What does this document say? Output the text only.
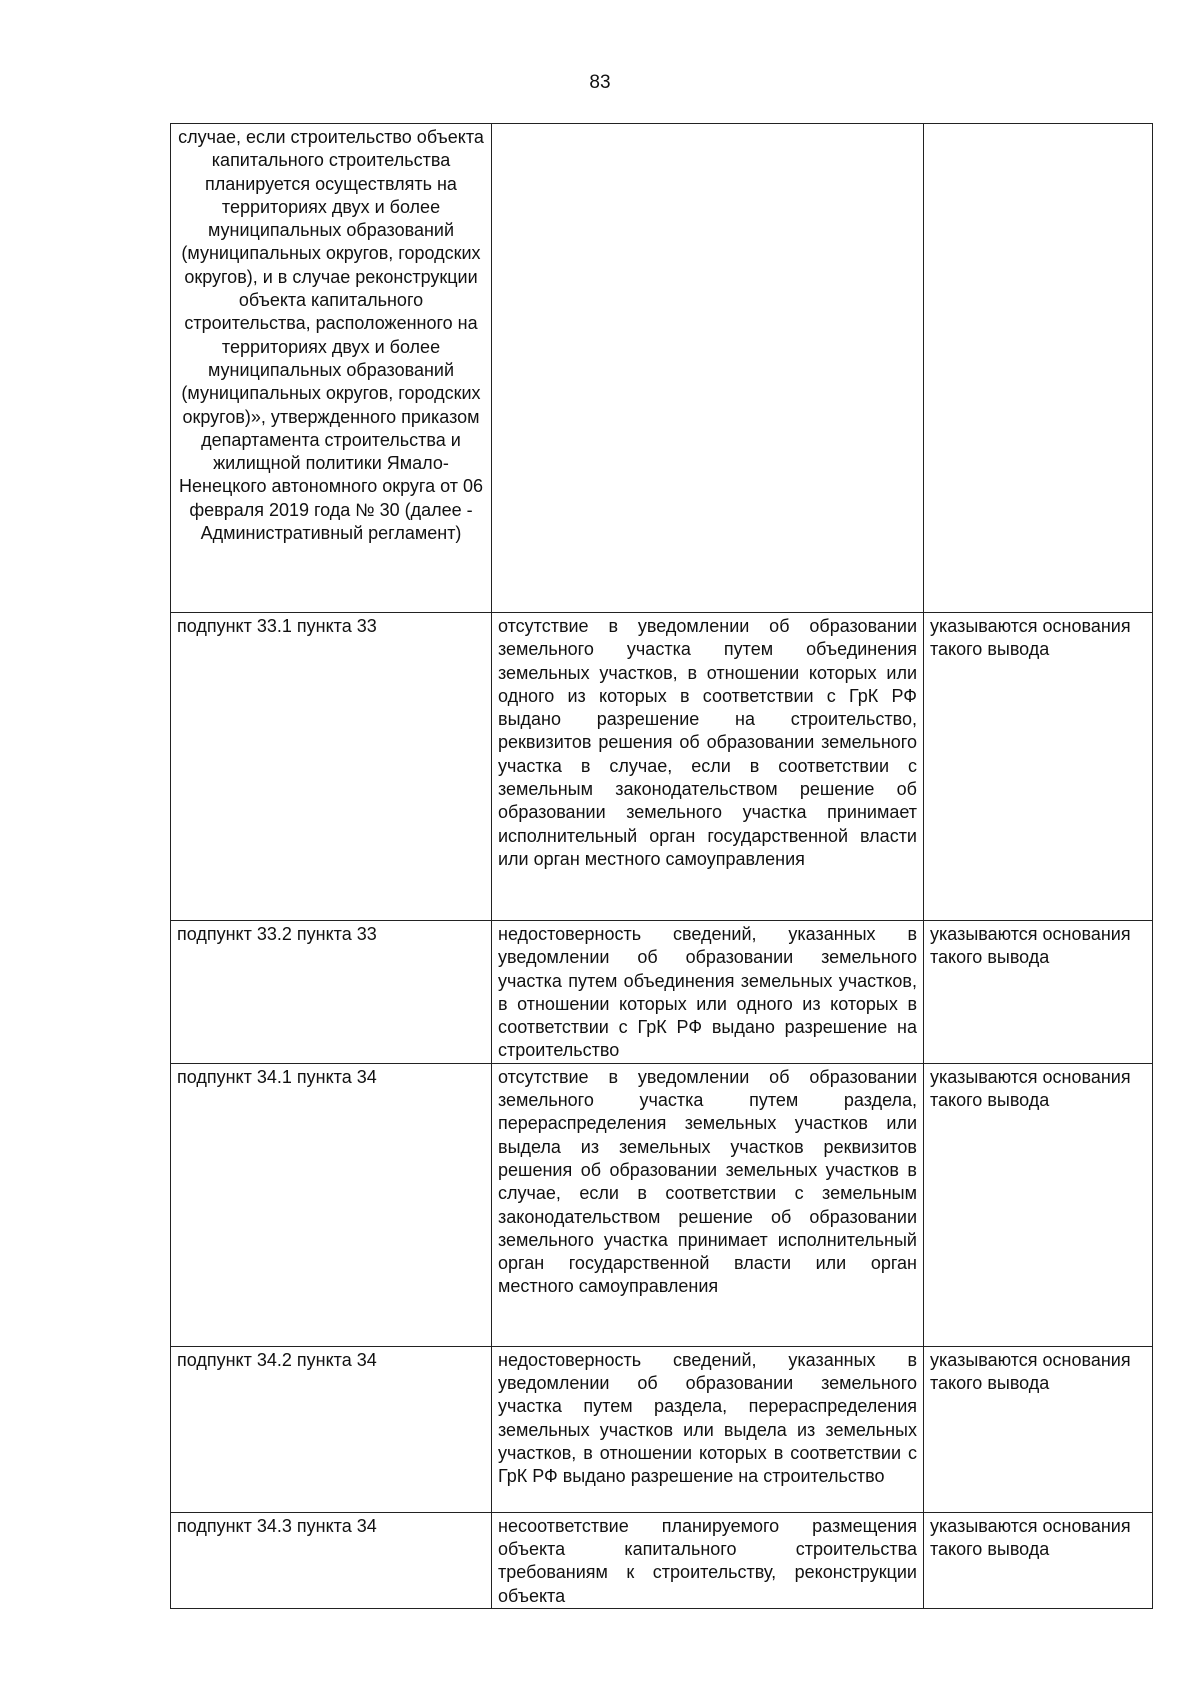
83
случае, если строительство объекта капитального строительства планируется осуществлять на территориях двух и более муниципальных образований (муниципальных округов, городских округов), и в случае реконструкции объекта капитального строительства, расположенного на территориях двух и более муниципальных образований (муниципальных округов, городских округов)», утвержденного приказом департамента строительства и жилищной политики Ямало-Ненецкого автономного округа от 06 февраля 2019 года № 30 (далее - Административный регламент)		
подпункт 33.1 пункта 33	отсутствие в уведомлении об образовании земельного участка путем объединения земельных участков, в отношении которых или одного из которых в соответствии с ГрК РФ выдано разрешение на строительство, реквизитов решения об образовании земельного участка в случае, если в соответствии с земельным законодательством решение об образовании земельного участка принимает исполнительный орган государственной власти или орган местного самоуправления	указываются основания такого вывода
подпункт 33.2 пункта 33	недостоверность сведений, указанных в уведомлении об образовании земельного участка путем объединения земельных участков, в отношении которых или одного из которых в соответствии с ГрК РФ выдано разрешение на строительство	указываются основания такого вывода
подпункт 34.1 пункта 34	отсутствие в уведомлении об образовании земельного участка путем раздела, перераспределения земельных участков или выдела из земельных участков реквизитов решения об образовании земельных участков в случае, если в соответствии с земельным законодательством решение об образовании земельного участка принимает исполнительный орган государственной власти или орган местного самоуправления	указываются основания такого вывода
подпункт 34.2 пункта 34	недостоверность сведений, указанных в уведомлении об образовании земельного участка путем раздела, перераспределения земельных участков или выдела из земельных участков, в отношении которых в соответствии с ГрК РФ выдано разрешение на строительство	указываются основания такого вывода
подпункт 34.3 пункта 34	несоответствие планируемого размещения объекта капитального строительства требованиям к строительству, реконструкции объекта	указываются основания такого вывода
